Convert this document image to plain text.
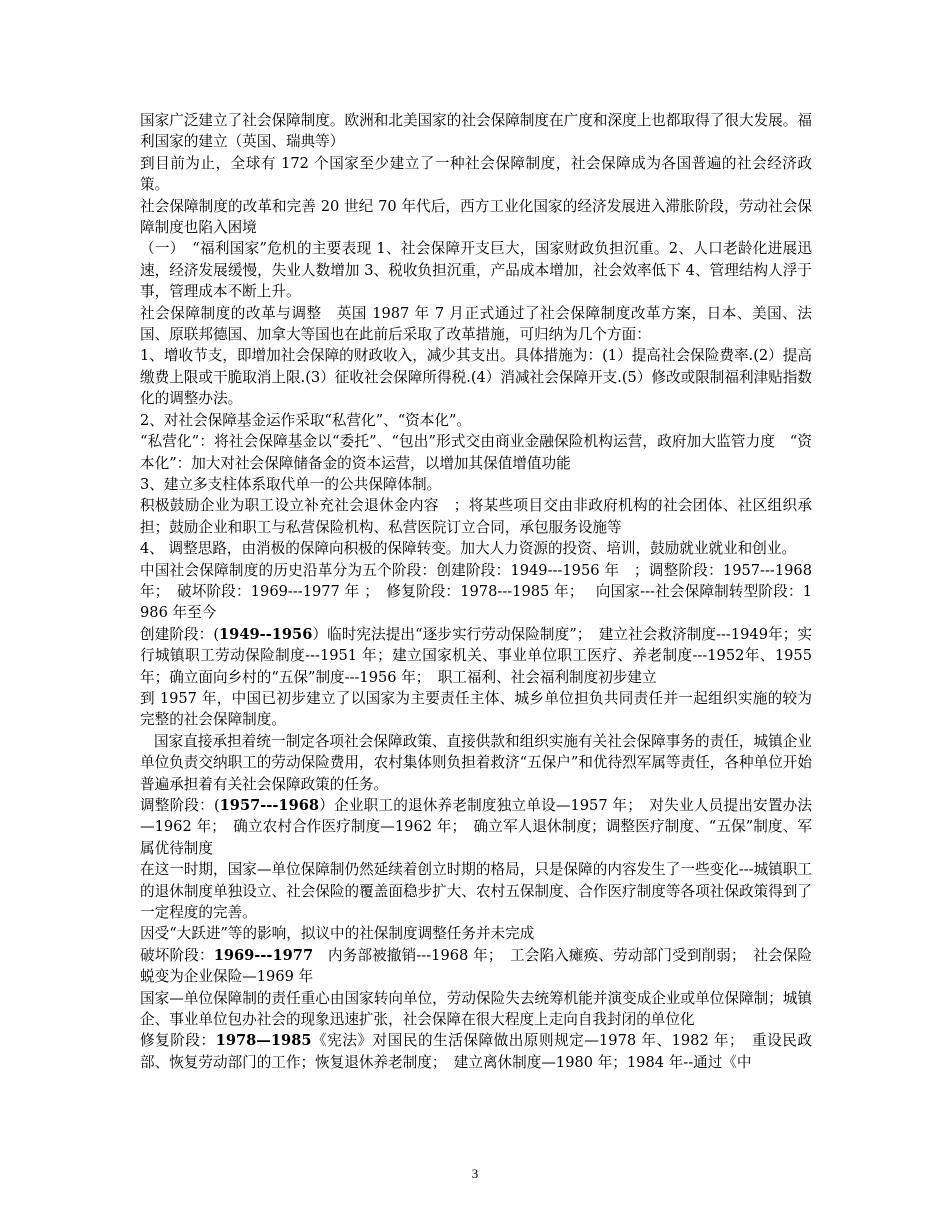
国家广泛建立了社会保障制度。欧洲和北美国家的社会保障制度在广度和深度上也都取得了很大发展。福利国家的建立（英国、瑞典等）

到目前为止，全球有 172 个国家至少建立了一种社会保障制度，社会保障成为各国普遍的社会经济政策。

社会保障制度的改革和完善 20 世纪 70 年代后，西方工业化国家的经济发展进入滞胀阶段，劳动社会保障制度也陷入困境

（一）　“福利国家”危机的主要表现 1、社会保障开支巨大，国家财政负担沉重。2、人口老龄化进展迅速，经济发展缓慢，失业人数增加 3、税收负担沉重，产品成本增加，社会效率低下 4、管理结构人浮于事，管理成本不断上升。

社会保障制度的改革与调整　英国 1987 年 7 月正式通过了社会保障制度改革方案，日本、美国、法国、原联邦德国、加拿大等国也在此前后采取了改革措施，可归纳为几个方面：

1、增收节支，即增加社会保障的财政收入，减少其支出。具体措施为：(1）提高社会保险费率.(2）提高缴费上限或干脆取消上限.(3）征收社会保障所得税.(4）消减社会保障开支.(5）修改或限制福利津贴指数化的调整办法。

2、对社会保障基金运作采取“私营化”、“资本化”。

“私营化”：将社会保障基金以“委托”、“包出”形式交由商业金融保险机构运营，政府加大监管力度　“资本化”：加大对社会保障储备金的资本运营，以增加其保值增值功能

3、建立多支柱体系取代单一的公共保障体制。

积极鼓励企业为职工设立补充社会退休金内容　；将某些项目交由非政府机构的社会团体、社区组织承担；鼓励企业和职工与私营保险机构、私营医院订立合同，承包服务设施等

4、 调整思路，由消极的保障向积极的保障转变。加大人力资源的投资、培训，鼓励就业就业和创业。

中国社会保障制度的历史沿革分为五个阶段：创建阶段：1949---1956 年　；调整阶段：1957---1968 年；　破坏阶段：1969---1977 年 ；　修复阶段：1978---1985 年；　 向国家---社会保障制转型阶段：1986 年至今

创建阶段：(1949--1956）临时宪法提出“逐步实行劳动保险制度”；　建立社会救济制度---1949年；实行城镇职工劳动保险制度---1951 年；建立国家机关、事业单位职工医疗、养老制度---1952年、1955 年；确立面向乡村的“五保”制度---1956 年；　职工福利、社会福利制度初步建立

到 1957 年，中国已初步建立了以国家为主要责任主体、城乡单位担负共同责任并一起组织实施的较为完整的社会保障制度。

国家直接承担着统一制定各项社会保障政策、直接供款和组织实施有关社会保障事务的责任，城镇企业单位负责交纳职工的劳动保险费用，农村集体则负担着救济“五保户”和优待烈军属等责任，各种单位开始普遍承担着有关社会保障政策的任务。

调整阶段：(1957---1968）企业职工的退休养老制度独立单设—1957 年；　对失业人员提出安置办法—1962 年；　确立农村合作医疗制度—1962 年；　确立军人退休制度；调整医疗制度、“五保”制度、军属优待制度

在这一时期，国家—单位保障制仍然延续着创立时期的格局，只是保障的内容发生了一些变化---城镇职工的退休制度单独设立、社会保险的覆盖面稳步扩大、农村五保制度、合作医疗制度等各项社保政策得到了一定程度的完善。

因受“大跃进”等的影响，拟议中的社保制度调整任务并未完成

破坏阶段：1969---1977　内务部被撤销---1968 年；　工会陷入瘫痪、劳动部门受到削弱；　社会保险蜕变为企业保险—1969 年

国家—单位保障制的责任重心由国家转向单位，劳动保险失去统筹机能并演变成企业或单位保障制；城镇企、事业单位包办社会的现象迅速扩张，社会保障在很大程度上走向自我封闭的单位化

修复阶段：1978—1985《宪法》对国民的生活保障做出原则规定—1978 年、1982 年；　重设民政部、恢复劳动部门的工作；恢复退休养老制度；　建立离休制度—1980 年；1984 年--通过《中

3
